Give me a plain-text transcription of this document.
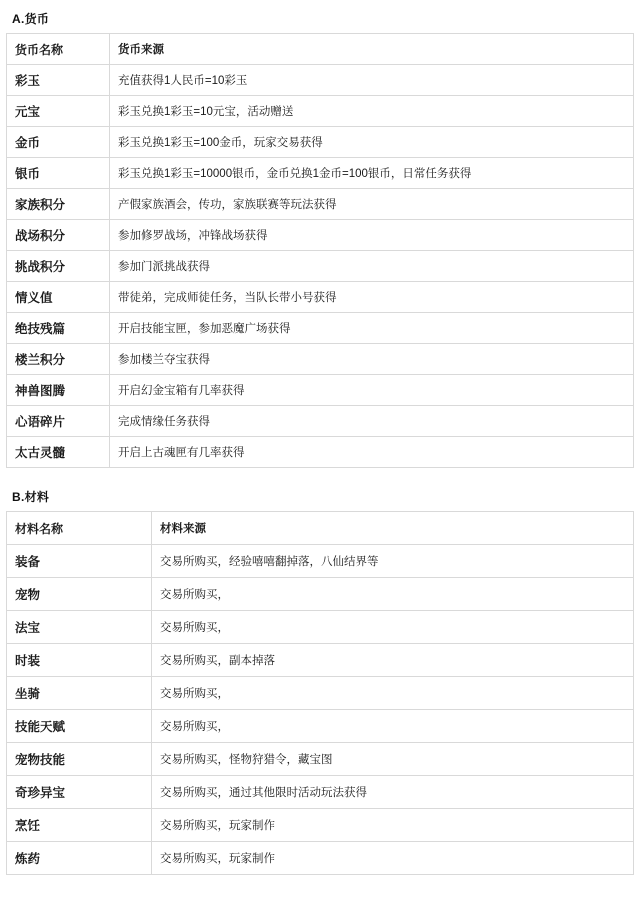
A.货币
货币名称	货币来源
彩玉	充值获得1人民币=10彩玉
元宝	彩玉兑换1彩玉=10元宝，活动赠送
金币	彩玉兑换1彩玉=100金币，玩家交易获得
银币	彩玉兑换1彩玉=10000银币，金币兑换1金币=100银币，日常任务获得
家族积分	产假家族酒会，传功，家族联赛等玩法获得
战场积分	参加修罗战场，冲锋战场获得
挑战积分	参加门派挑战获得
情义值	带徒弟，完成师徒任务，当队长带小号获得
绝技残篇	开启技能宝匣，参加恶魔广场获得
楼兰积分	参加楼兰夺宝获得
神兽图腾	开启幻金宝箱有几率获得
心语碎片	完成情缘任务获得
太古灵髓	开启上古魂匣有几率获得
B.材料
材料名称	材料来源
装备	交易所购买，经验嘻嘻翻掉落，八仙结界等
宠物	交易所购买，
法宝	交易所购买，
时装	交易所购买，副本掉落
坐骑	交易所购买，
技能天赋	交易所购买，
宠物技能	交易所购买，怪物狩猎令，藏宝图
奇珍异宝	交易所购买，通过其他限时活动玩法获得
烹饪	交易所购买，玩家制作
炼药	交易所购买，玩家制作
